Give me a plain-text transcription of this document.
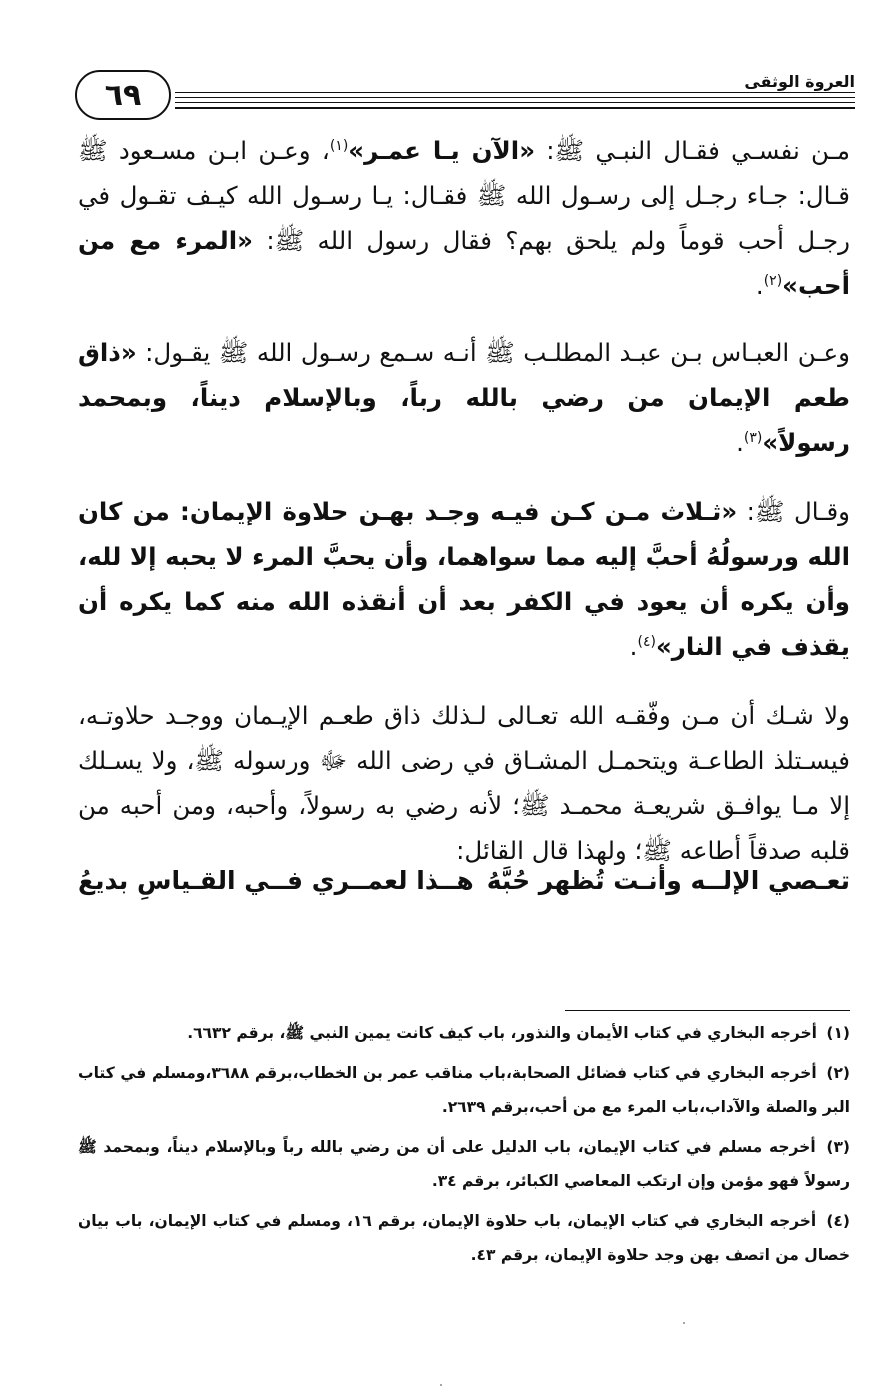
٦٩	العروة الوثقى

مـن نفسـي فقـال النبـي ﷺ: «الآن يـا عمـر»$^{(١)}$، وعـن ابـن مسـعود ﷺ قـال: جـاء رجـل إلى رسـول الله ﷺ فقـال: يـا رسـول الله كيـف تقـول في رجـل أحب قوماً ولم يلحق بهم؟ فقال رسول الله ﷺ: «المرء مع من أحب»$^{(٢)}$.

وعـن العبـاس بـن عبـد المطلـب ﷺ أنـه سـمع رسـول الله ﷺ يقـول: «ذاق طعم الإيمان من رضي بالله رباً، وبالإسلام ديناً، وبمحمد رسولاً»$^{(٣)}$.

وقـال ﷺ: «ثـلاث مـن كـن فيـه وجـد بهـن حلاوة الإيمان: من كان الله ورسولُهُ أحبَّ إليه مما سواهما، وأن يحبَّ المرء لا يحبه إلا لله، وأن يكره أن يعود في الكفر بعد أن أنقذه الله منه كما يكره أن يقذف في النار»$^{(٤)}$.

ولا شـك أن مـن وفّقـه الله تعـالى لـذلك ذاق طعـم الإيـمان ووجـد حلاوتـه، فيسـتلذ الطاعـة ويتحمـل المشـاق في رضى الله ﷻ ورسوله ﷺ، ولا يسـلك إلا مـا يوافـق شريعـة محمـد ﷺ؛ لأنه رضي به رسولاً، وأحبه، ومن أحبه من قلبه صدقاً أطاعه ﷺ؛ ولهذا قال القائل:

تعـصي الإلــه وأنـت تُظهر حُبَّهُ
هــذا لعمــري فــي القـياسِ بديعُ
(١) أخرجه البخاري في كتاب الأيمان والنذور، باب كيف كانت يمين النبي ﷺ، برقم ٦٦٣٢.
(٢) أخرجه البخاري في كتاب فضائل الصحابة،باب مناقب عمر بن الخطاب،برقم ٣٦٨٨،ومسلم في كتاب البر والصلة والآداب،باب المرء مع من أحب،برقم ٢٦٣٩.
(٣) أخرجه مسلم في كتاب الإيمان، باب الدليل على أن من رضي بالله رباً وبالإسلام ديناً، وبمحمد ﷺ رسولاً فهو مؤمن وإن ارتكب المعاصي الكبائر، برقم ٣٤.
(٤) أخرجه البخاري في كتاب الإيمان، باب حلاوة الإيمان، برقم ١٦، ومسلم في كتاب الإيمان، باب بيان خصال من اتصف بهن وجد حلاوة الإيمان، برقم ٤٣.
